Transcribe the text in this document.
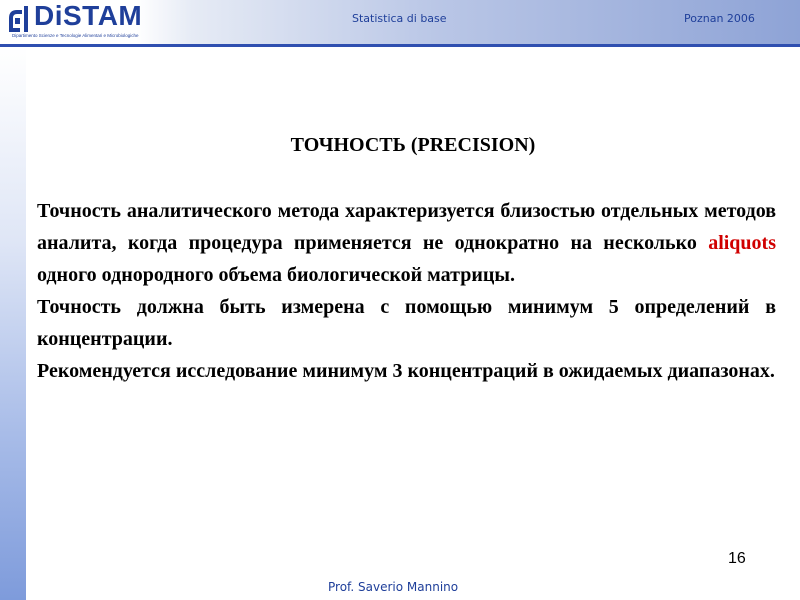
DiSTAM
Dipartimento Scienze e Tecnologie Alimentari e Microbiologiche
Statistica di base	Poznan 2006
ТОЧНОСТЬ (PRECISION)

Точность аналитического метода характеризуется близостью отдельных методов аналита, когда процедура применяется не однократно на несколько aliquots одного однородного объема биологической матрицы.

Точность должна быть измерена с помощью минимум 5 определений в концентрации.

Рекомендуется исследование минимум 3 концентраций в ожидаемых диапазонах.

16
Prof. Saverio Mannino
